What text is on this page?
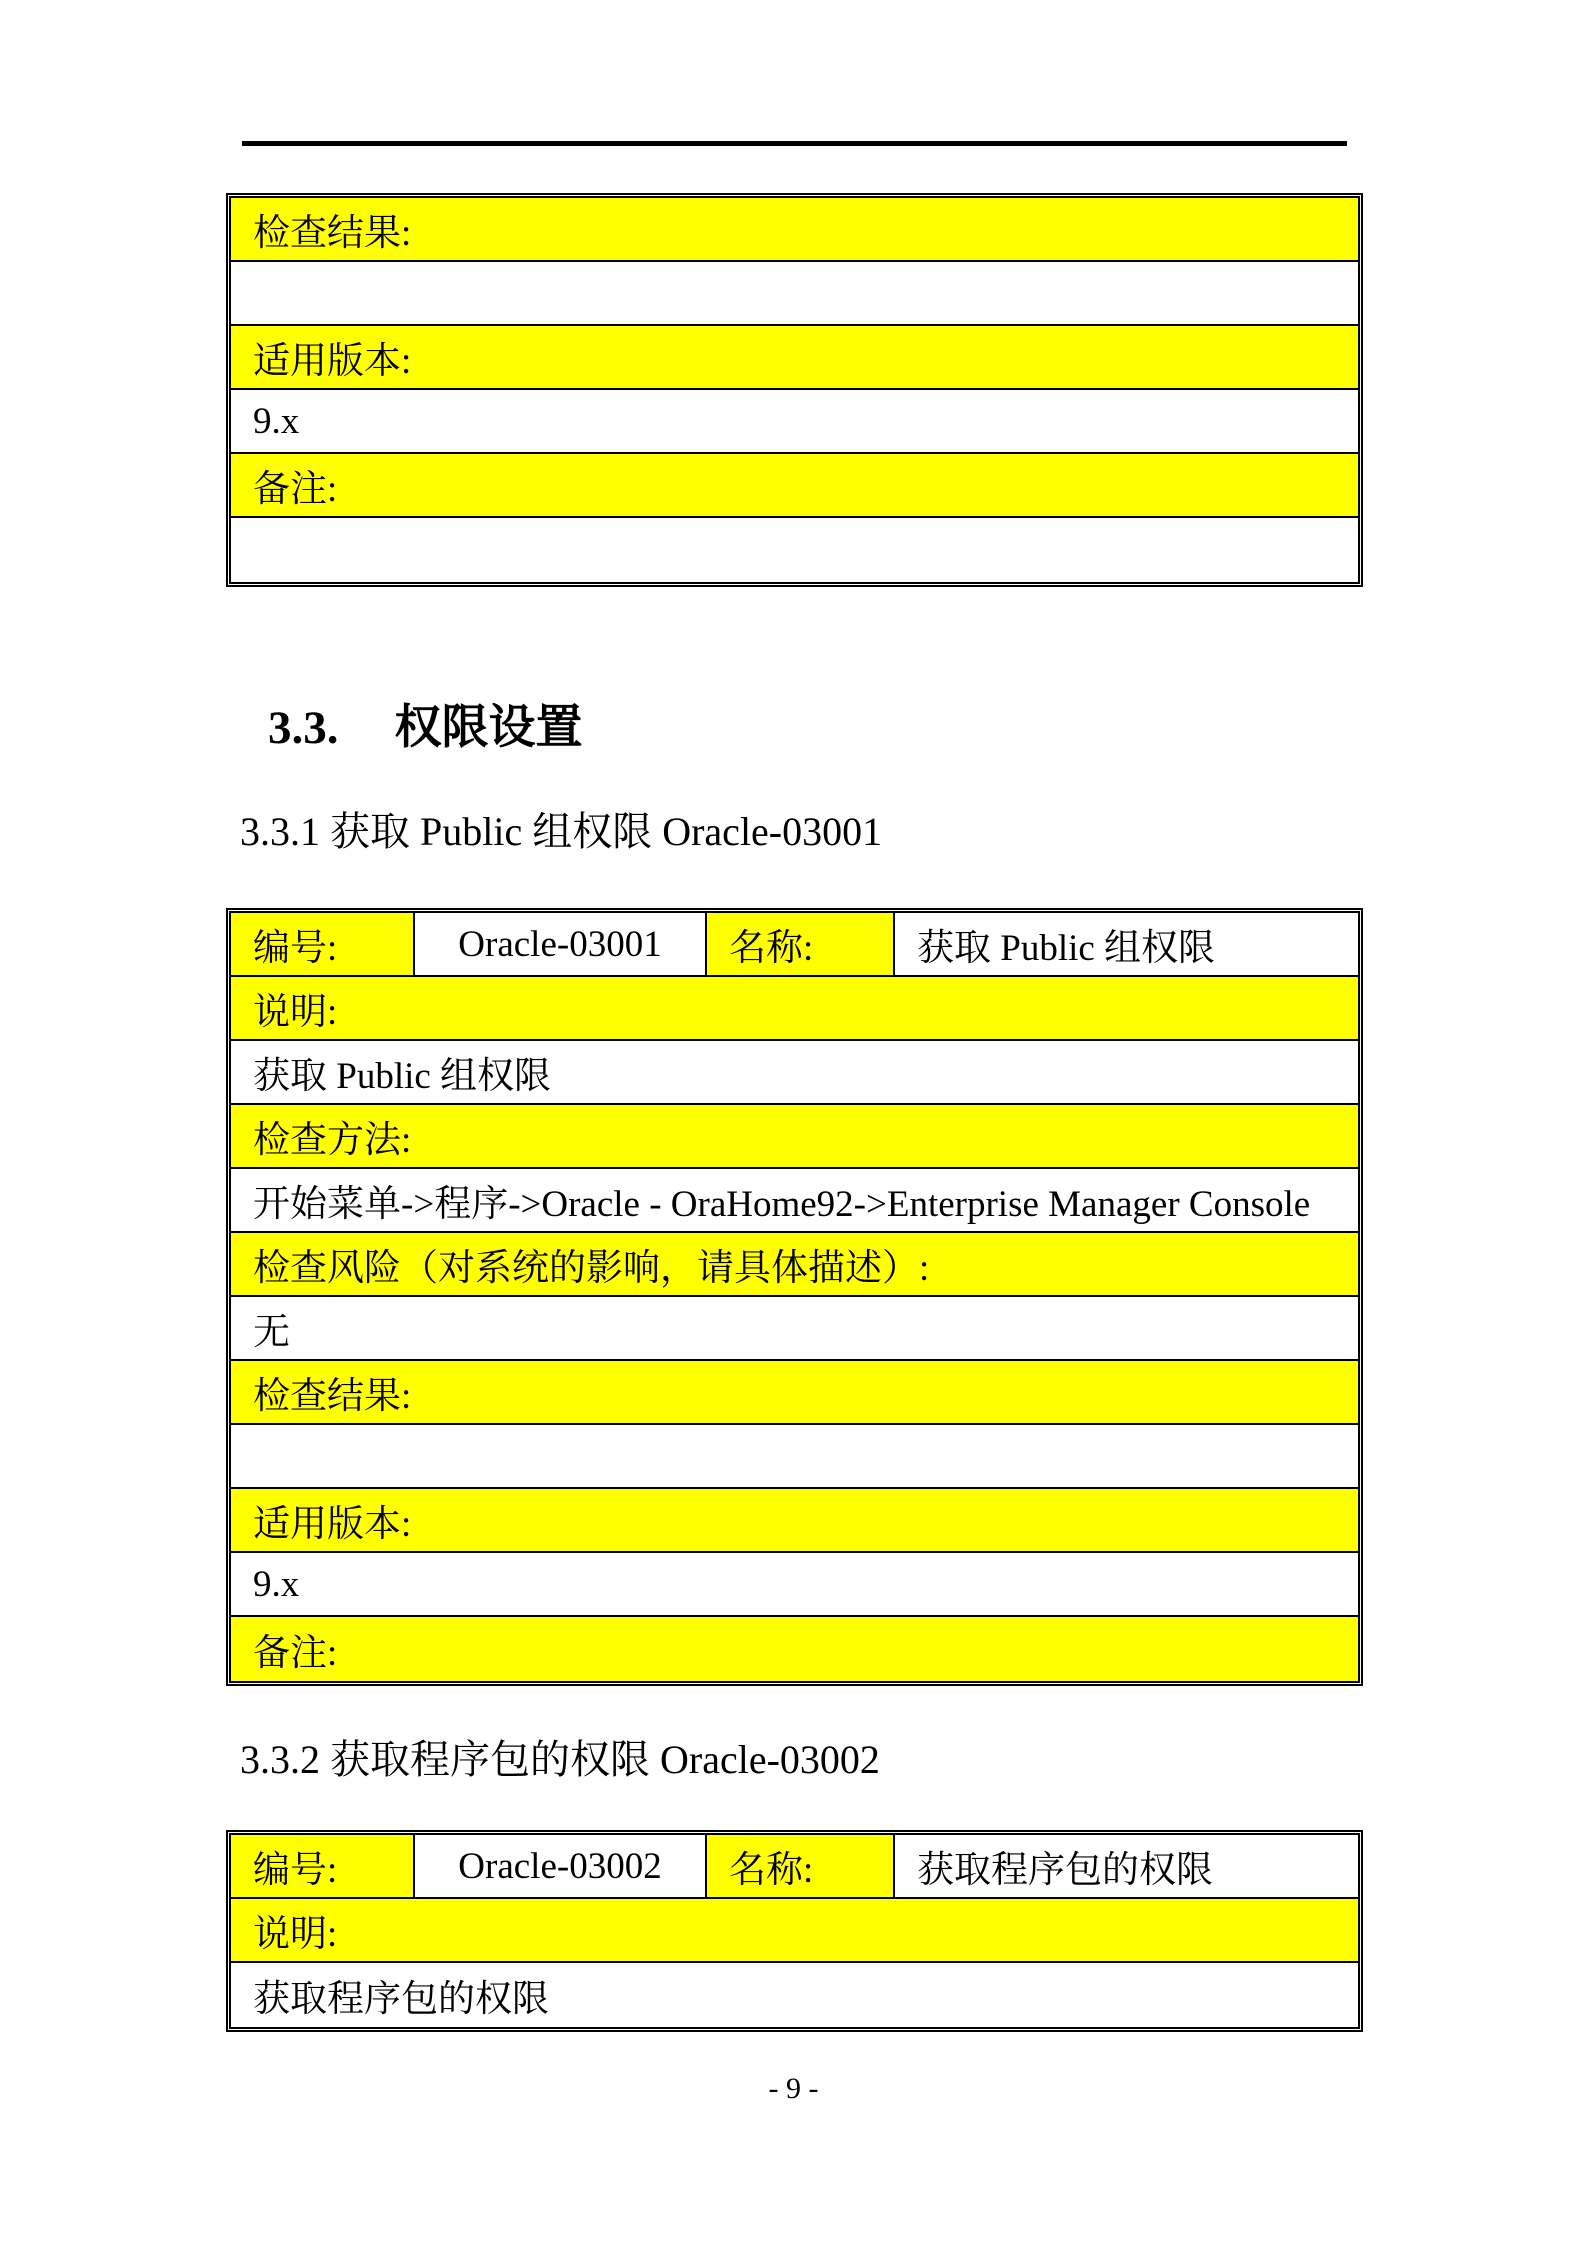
检查结果:
适用版本:
9.x
备注:
3.3. 权限设置
3.3.1 获取 Public 组权限 Oracle-03001
编号:	Oracle-03001 名称:	获取 Public 组权限
说明:
获取 Public 组权限
检查方法:
开始菜单->程序->Oracle - OraHome92->Enterprise Manager Console
检查风险（对系统的影响，请具体描述）:
无
检查结果:
适用版本:
9.x
备注:
3.3.2 获取程序包的权限 Oracle-03002
编号:	Oracle-03002 名称:	获取程序包的权限
说明:
获取程序包的权限
- 9 -
